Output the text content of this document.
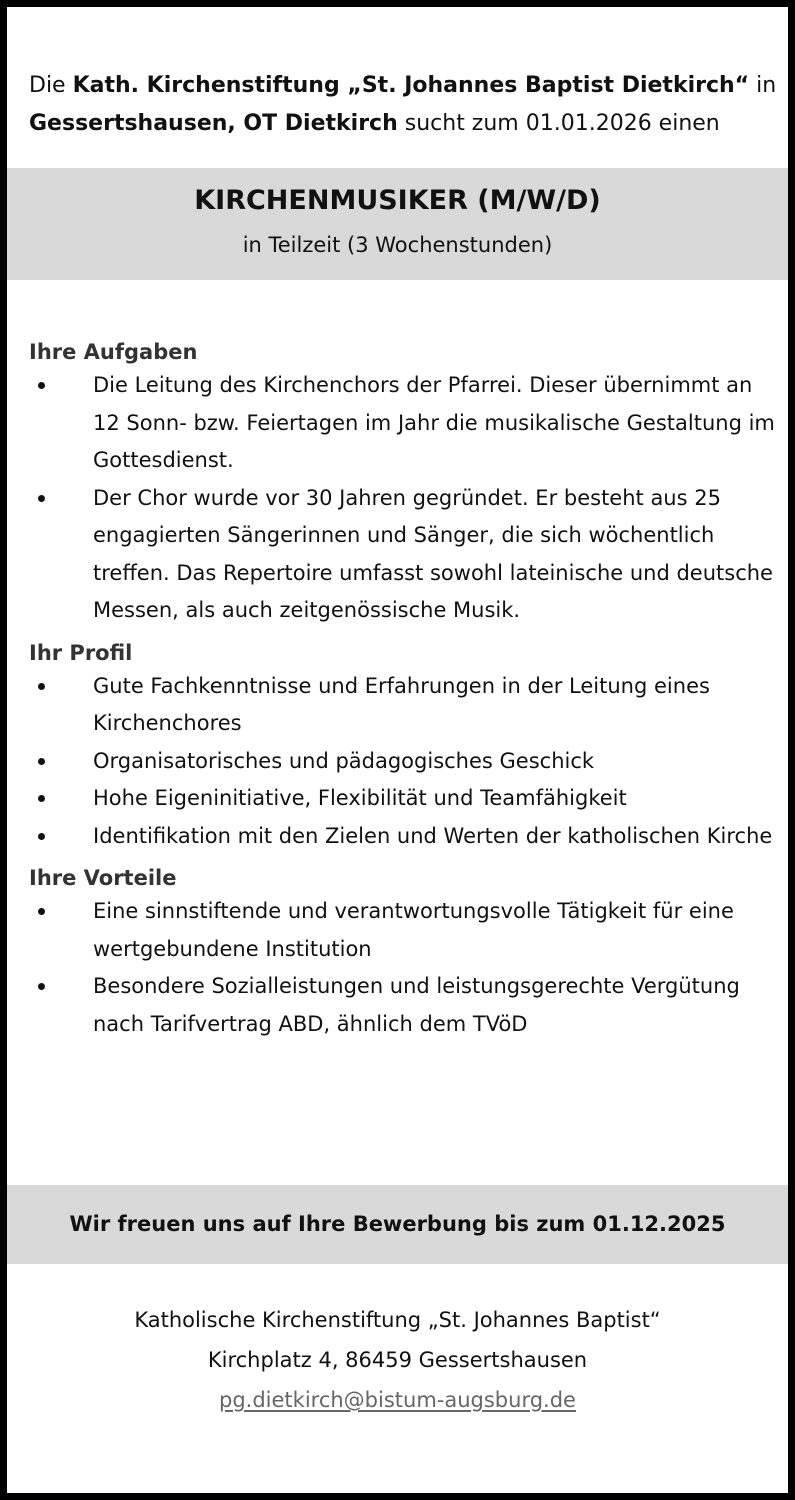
Die Kath. Kirchenstiftung „St. Johannes Baptist Dietkirch“ in Gessertshausen, OT Dietkirch sucht zum 01.01.2026 einen

KIRCHENMUSIKER (M/W/D)
in Teilzeit (3 Wochenstunden)
Ihre Aufgaben
Die Leitung des Kirchenchors der Pfarrei. Dieser übernimmt an 12 Sonn- bzw. Feiertagen im Jahr die musikalische Gestaltung im Gottesdienst.
Der Chor wurde vor 30 Jahren gegründet. Er besteht aus 25 engagierten Sängerinnen und Sänger, die sich wöchentlich treffen. Das Repertoire umfasst sowohl lateinische und deutsche Messen, als auch zeitgenössische Musik.
Ihr Profil
Gute Fachkenntnisse und Erfahrungen in der Leitung eines Kirchenchores
Organisatorisches und pädagogisches Geschick
Hohe Eigeninitiative, Flexibilität und Teamfähigkeit
Identifikation mit den Zielen und Werten der katholischen Kirche
Ihre Vorteile
Eine sinnstiftende und verantwortungsvolle Tätigkeit für eine wertgebundene Institution
Besondere Sozialleistungen und leistungsgerechte Vergütung nach Tarifvertrag ABD, ähnlich dem TVöD
Wir freuen uns auf Ihre Bewerbung bis zum 01.12.2025
Katholische Kirchenstiftung „St. Johannes Baptist“
Kirchplatz 4, 86459 Gessertshausen
pg.dietkirch@bistum-augsburg.de
